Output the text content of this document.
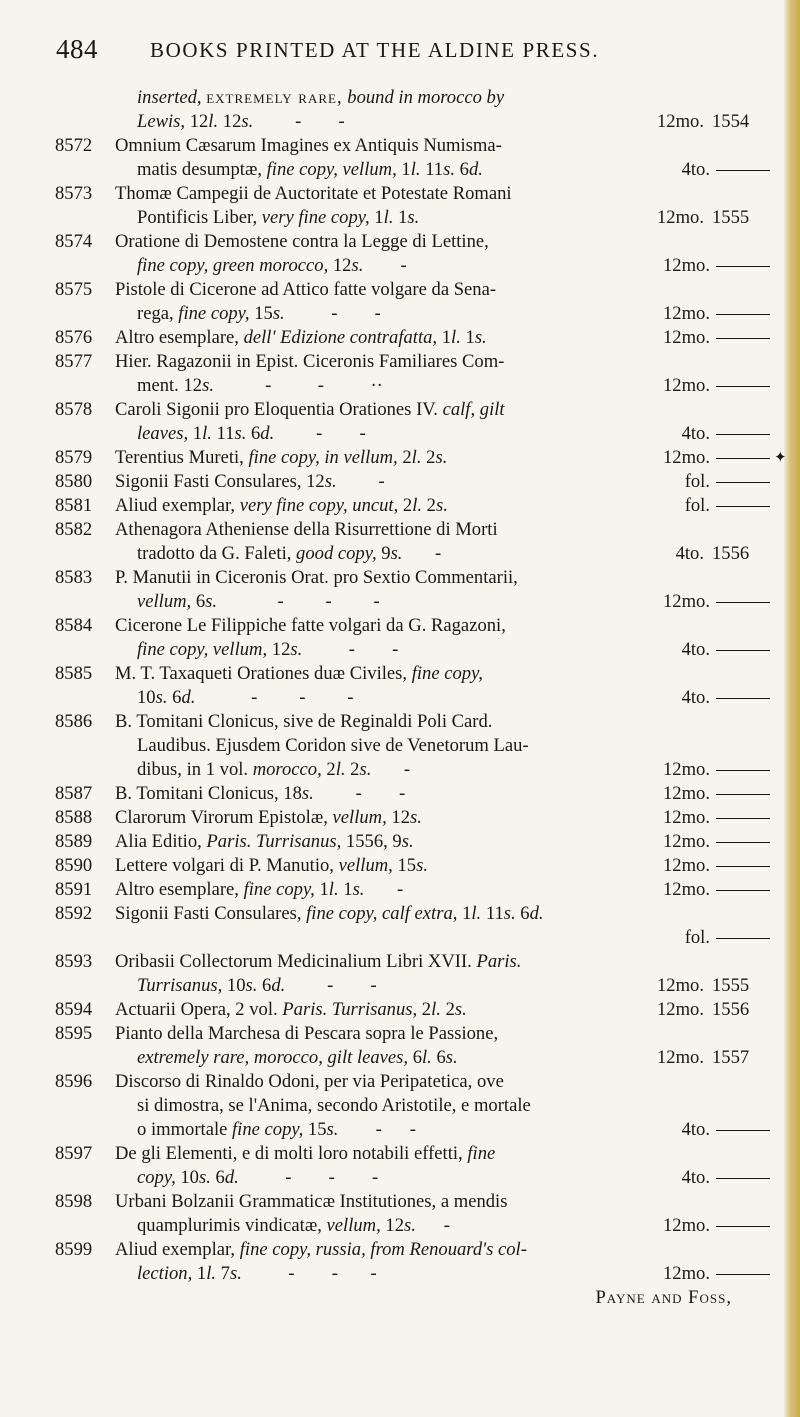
484 BOOKS PRINTED AT THE ALDINE PRESS.
inserted, extremely rare, bound in morocco by
Lewis, 12l. 12s.         -        -	12mo. 1554
8572 Omnium Cæsarum Imagines ex Antiquis Numisma-
matis desumptæ, fine copy, vellum, 1l. 11s. 6d.	4to.
8573 Thomæ Campegii de Auctoritate et Potestate Romani
Pontificis Liber, very fine copy, 1l. 1s.	12mo. 1555
8574 Oratione di Demostene contra la Legge di Lettine,
fine copy, green morocco, 12s.        -	12mo.
8575 Pistole di Cicerone ad Attico fatte volgare da Sena-
rega, fine copy, 15s.          -        -	12mo.
8576 Altro esemplare, dell' Edizione contrafatta, 1l. 1s.	12mo.
8577 Hier. Ragazonii in Epist. Ciceronis Familiares Com-
ment. 12s.           -          -          ··	12mo.
8578 Caroli Sigonii pro Eloquentia Orationes IV. calf, gilt
leaves, 1l. 11s. 6d.         -        -	4to.
8579 Terentius Mureti, fine copy, in vellum, 2l. 2s.	12mo.	✦
8580 Sigonii Fasti Consulares, 12s.         -	fol.
8581 Aliud exemplar, very fine copy, uncut, 2l. 2s.	fol.
8582 Athenagora Atheniense della Risurrettione di Morti
tradotto da G. Faleti, good copy, 9s.       -	4to. 1556
8583 P. Manutii in Ciceronis Orat. pro Sextio Commentarii,
vellum, 6s.             -         -         -	12mo.
8584 Cicerone Le Filippiche fatte volgari da G. Ragazoni,
fine copy, vellum, 12s.          -        -	4to.
8585 M. T. Taxaqueti Orationes duæ Civiles, fine copy,
10s. 6d.            -         -         -	4to.
8586 B. Tomitani Clonicus, sive de Reginaldi Poli Card.
Laudibus. Ejusdem Coridon sive de Venetorum Lau-
dibus, in 1 vol. morocco, 2l. 2s.       -	12mo.
8587 B. Tomitani Clonicus, 18s.         -        -	12mo.
8588 Clarorum Virorum Epistolæ, vellum, 12s.	12mo.
8589 Alia Editio, Paris. Turrisanus, 1556, 9s.	12mo.
8590 Lettere volgari di P. Manutio, vellum, 15s.	12mo.
8591 Altro esemplare, fine copy, 1l. 1s.       -	12mo.
8592 Sigonii Fasti Consulares, fine copy, calf extra, 1l. 11s. 6d.
fol.
8593 Oribasii Collectorum Medicinalium Libri XVII. Paris.
Turrisanus, 10s. 6d.         -        -	12mo. 1555
8594 Actuarii Opera, 2 vol. Paris. Turrisanus, 2l. 2s.	12mo. 1556
8595 Pianto della Marchesa di Pescara sopra le Passione,
extremely rare, morocco, gilt leaves, 6l. 6s.	12mo. 1557
8596 Discorso di Rinaldo Odoni, per via Peripatetica, ove
si dimostra, se l'Anima, secondo Aristotile, e mortale
o immortale fine copy, 15s.        -      -	4to.
8597 De gli Elementi, e di molti loro notabili effetti, fine
copy, 10s. 6d.          -        -        -	4to.
8598 Urbani Bolzanii Grammaticæ Institutiones, a mendis
quamplurimis vindicatæ, vellum, 12s.      -	12mo.
8599 Aliud exemplar, fine copy, russia, from Renouard's col-
lection, 1l. 7s.          -        -       -	12mo.
Payne and Foss,
